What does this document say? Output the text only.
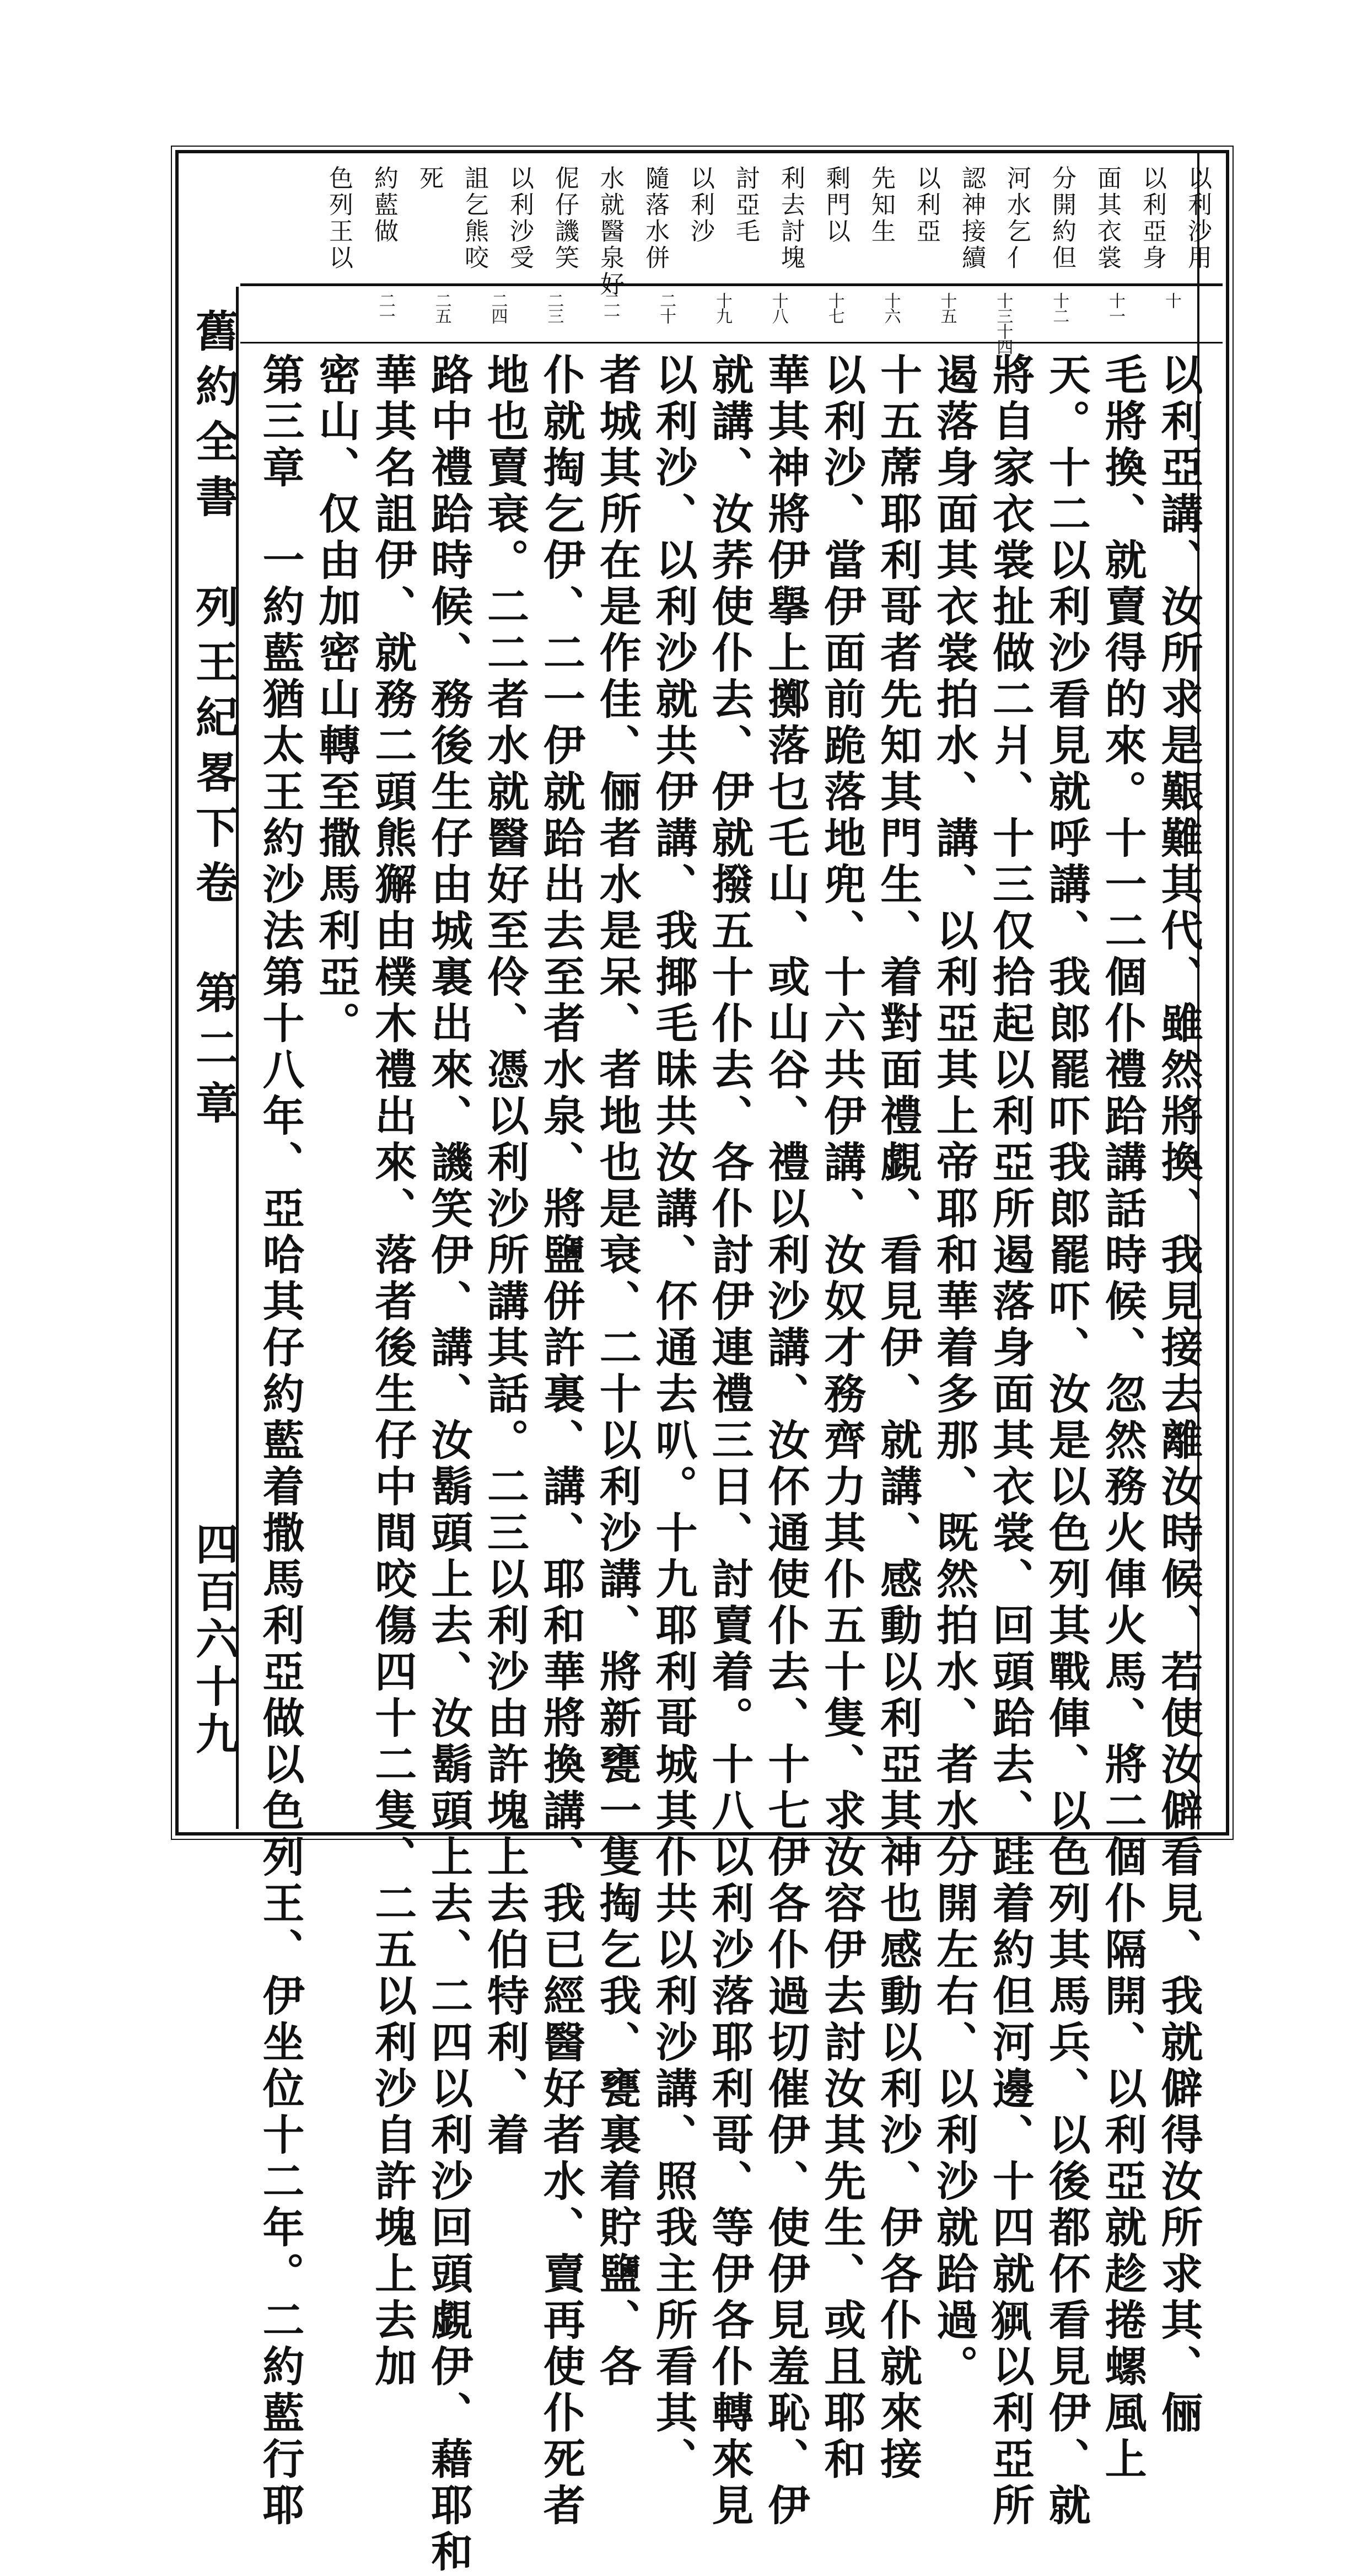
舊約全書　列王紀畧下卷　第二章
四百六十九
以利沙用
以利亞身
面其衣裳
分開約但
河水乞亻
認神接續
以利亞
先知生
剩門以
利去討塊
討亞毛
以利沙
隨落水併
水就醫泉好
伲仔譏笑
以利沙受
詛乞熊咬
死
約藍做
色列王以
十
十一
十二
十三十四
十五
十六
十七
十八
十九
二十
二一
二三
二四
二五
二一
以利亞講、汝所求是艱難其代、雖然將換、我見接去離汝時候、若使汝僻看見、我就僻得汝所求其、俪
毛將換、就賣得的來。十一二個仆禮跲講話時候、忽然務火俥火馬、將二個仆隔開、以利亞就趁捲螺風上
天。十二以利沙看見就呼講、我郎罷吓我郎罷吓、汝是以色列其戰俥、以色列其馬兵、以後都伓看見伊、就
將自家衣裳扯做二爿、十三仅拾起以利亞所遏落身面其衣裳、回頭跲去、跬着約但河邊、十四就𤞁以利亞所
遏落身面其衣裳拍水、講、以利亞其上帝耶和華着多那、既然拍水、者水分開左右、以利沙就跲過。
十五蓆耶利哥者先知其門生、着對面禮覷、看見伊、就講、感動以利亞其神也感動以利沙、伊各仆就來接
以利沙、當伊面前跪落地兜、十六共伊講、汝奴才務齊力其仆五十隻、求汝容伊去討汝其先生、或且耶和
華其神將伊擧上擲落乜乇山、或山谷、禮以利沙講、汝伓通使仆去、十七伊各仆過切催伊、使伊見羞恥、伊
就講、汝荞使仆去、伊就撥五十仆去、各仆討伊連禮三日、討賣着。十八以利沙落耶利哥、等伊各仆轉來見
以利沙、以利沙就共伊講、我揶毛昧共汝講、伓通去叭。十九耶利哥城其仆共以利沙講、照我主所看其、
者城其所在是作佳、俪者水是呆、者地也是衰、二十以利沙講、將新甕一隻掏乞我、甕裏着貯鹽、各
仆就掏乞伊、二一伊就跲出去至者水泉、將鹽併許裏、講、耶和華將換講、我已經醫好者水、賣再使仆死者
地也賣衰。二二者水就醫好至伶、憑以利沙所講其話。二三以利沙由許塊上去伯特利、着
路中禮跲時候、務後生仔由城裏出來、譏笑伊、講、汝鬍頭上去、汝鬍頭上去、二四以利沙回頭覷伊、藉耶和
華其名詛伊、就務二頭熊獬由樸木禮出來、落者後生仔中間咬傷四十二隻、二五以利沙自許塊上去加
密山、仅由加密山轉至撒馬利亞。
第三章　一約藍猶太王約沙法第十八年、亞哈其仔約藍着撒馬利亞做以色列王、伊坐位十二年。二約藍行耶
